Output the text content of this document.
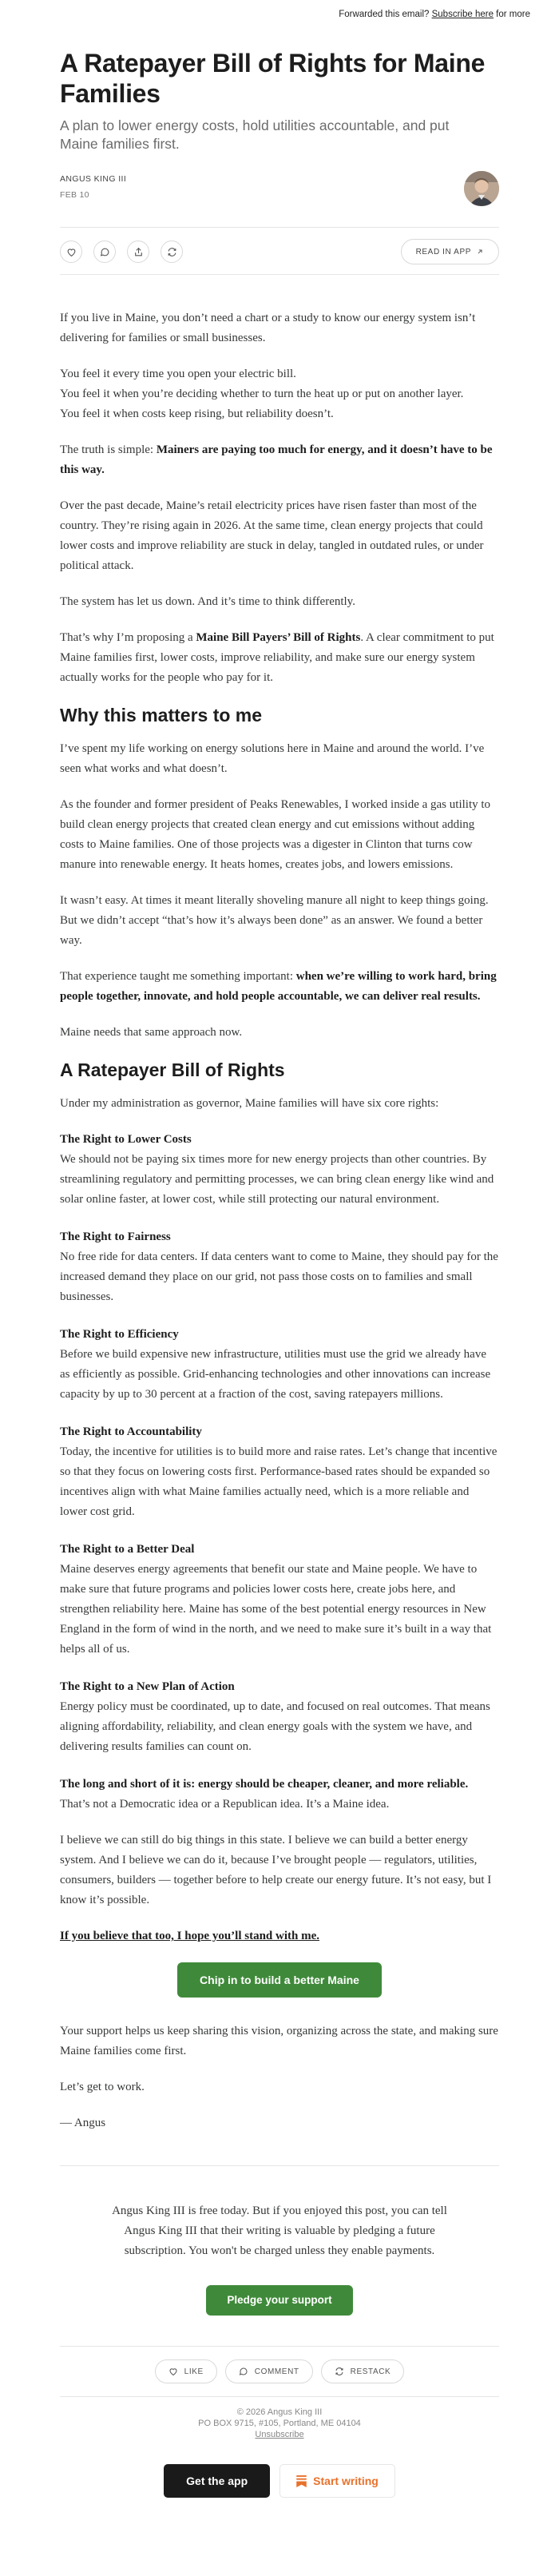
Forwarded this email? Subscribe here for more
A Ratepayer Bill of Rights for Maine Families
A plan to lower energy costs, hold utilities accountable, and put Maine families first.
ANGUS KING III
FEB 10
READ IN APP

If you live in Maine, you don’t need a chart or a study to know our energy system isn’t delivering for families or small businesses.

You feel it every time you open your electric bill.
You feel it when you’re deciding whether to turn the heat up or put on another layer.
You feel it when costs keep rising, but reliability doesn’t.

The truth is simple: Mainers are paying too much for energy, and it doesn’t have to be this way.

Over the past decade, Maine’s retail electricity prices have risen faster than most of the country. They’re rising again in 2026. At the same time, clean energy projects that could lower costs and improve reliability are stuck in delay, tangled in outdated rules, or under political attack.

The system has let us down. And it’s time to think differently.

That’s why I’m proposing a Maine Bill Payers’ Bill of Rights. A clear commitment to put Maine families first, lower costs, improve reliability, and make sure our energy system actually works for the people who pay for it.

Why this matters to me

I’ve spent my life working on energy solutions here in Maine and around the world. I’ve seen what works and what doesn’t.

As the founder and former president of Peaks Renewables, I worked inside a gas utility to build clean energy projects that created clean energy and cut emissions without adding costs to Maine families. One of those projects was a digester in Clinton that turns cow manure into renewable energy. It heats homes, creates jobs, and lowers emissions.

It wasn’t easy. At times it meant literally shoveling manure all night to keep things going. But we didn’t accept “that’s how it’s always been done” as an answer. We found a better way.

That experience taught me something important: when we’re willing to work hard, bring people together, innovate, and hold people accountable, we can deliver real results.

Maine needs that same approach now.

A Ratepayer Bill of Rights

Under my administration as governor, Maine families will have six core rights:

The Right to Lower Costs
We should not be paying six times more for new energy projects than other countries. By streamlining regulatory and permitting processes, we can bring clean energy like wind and solar online faster, at lower cost, while still protecting our natural environment.
The Right to Fairness
No free ride for data centers. If data centers want to come to Maine, they should pay for the increased demand they place on our grid, not pass those costs on to families and small businesses.
The Right to Efficiency
Before we build expensive new infrastructure, utilities must use the grid we already have as efficiently as possible. Grid-enhancing technologies and other innovations can increase capacity by up to 30 percent at a fraction of the cost, saving ratepayers millions.
The Right to Accountability
Today, the incentive for utilities is to build more and raise rates. Let’s change that incentive so that they focus on lowering costs first. Performance-based rates should be expanded so incentives align with what Maine families actually need, which is a more reliable and lower cost grid.
The Right to a Better Deal
Maine deserves energy agreements that benefit our state and Maine people. We have to make sure that future programs and policies lower costs here, create jobs here, and strengthen reliability here. Maine has some of the best potential energy resources in New England in the form of wind in the north, and we need to make sure it’s built in a way that helps all of us.
The Right to a New Plan of Action
Energy policy must be coordinated, up to date, and focused on real outcomes. That means aligning affordability, reliability, and clean energy goals with the system we have, and delivering results families can count on.

The long and short of it is: energy should be cheaper, cleaner, and more reliable. That’s not a Democratic idea or a Republican idea. It’s a Maine idea.

I believe we can still do big things in this state. I believe we can build a better energy system. And I believe we can do it, because I’ve brought people — regulators, utilities, consumers, builders — together before to help create our energy future. It’s not easy, but I know it’s possible.

If you believe that too, I hope you’ll stand with me.

Chip in to build a better Maine

Your support helps us keep sharing this vision, organizing across the state, and making sure Maine families come first.

Let’s get to work.

— Angus

Angus King III is free today. But if you enjoyed this post, you can tell Angus King III that their writing is valuable by pledging a future subscription. You won't be charged unless they enable payments.
Pledge your support
LIKE	COMMENT	RESTACK
© 2026 Angus King III
PO BOX 9715, #105, Portland, ME 04104
Unsubscribe
Get the app	Start writing
